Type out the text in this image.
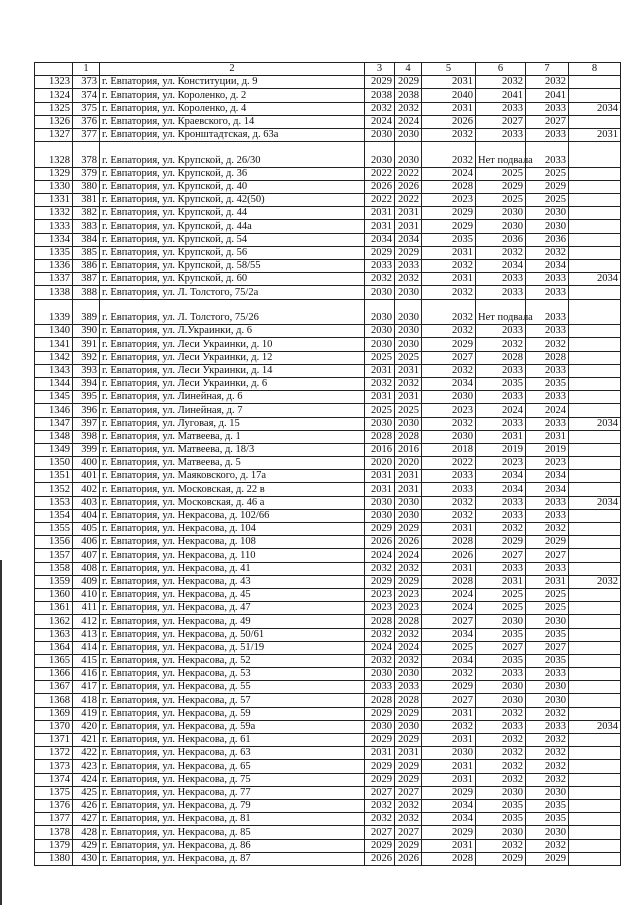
	1	2	3	4	5	6	7	8
1323	373	г. Евпатория, ул. Конституции, д. 9	2029	2029	2031	2032	2032	
1324	374	г. Евпатория, ул. Короленко, д. 2	2038	2038	2040	2041	2041	
1325	375	г. Евпатория, ул. Короленко, д. 4	2032	2032	2031	2033	2033	2034
1326	376	г. Евпатория, ул. Краевского, д. 14	2024	2024	2026	2027	2027	
1327	377	г. Евпатория, ул. Кронштадтская, д. 63а	2030	2030	2032	2033	2033	2031
1328	378	г. Евпатория, ул. Крупской, д. 26/30	2030	2030	2032	Нет подвала	2033	
1329	379	г. Евпатория, ул. Крупской, д. 36	2022	2022	2024	2025	2025	
1330	380	г. Евпатория, ул. Крупской, д. 40	2026	2026	2028	2029	2029	
1331	381	г. Евпатория, ул. Крупской, д. 42(50)	2022	2022	2023	2025	2025	
1332	382	г. Евпатория, ул. Крупской, д. 44	2031	2031	2029	2030	2030	
1333	383	г. Евпатория, ул. Крупской, д. 44а	2031	2031	2029	2030	2030	
1334	384	г. Евпатория, ул. Крупской, д. 54	2034	2034	2035	2036	2036	
1335	385	г. Евпатория, ул. Крупской, д. 56	2029	2029	2031	2032	2032	
1336	386	г. Евпатория, ул. Крупской, д. 58/55	2033	2033	2032	2034	2034	
1337	387	г. Евпатория, ул. Крупской, д. 60	2032	2032	2031	2033	2033	2034
1338	388	г. Евпатория, ул. Л. Толстого, 75/2а	2030	2030	2032	2033	2033	
1339	389	г. Евпатория, ул. Л. Толстого, 75/26	2030	2030	2032	Нет подвала	2033	
1340	390	г. Евпатория, ул. Л.Украинки, д. 6	2030	2030	2032	2033	2033	
1341	391	г. Евпатория, ул. Леси Украинки, д. 10	2030	2030	2029	2032	2032	
1342	392	г. Евпатория, ул. Леси Украинки, д. 12	2025	2025	2027	2028	2028	
1343	393	г. Евпатория, ул. Леси Украинки, д. 14	2031	2031	2032	2033	2033	
1344	394	г. Евпатория, ул. Леси Украинки, д. 6	2032	2032	2034	2035	2035	
1345	395	г. Евпатория, ул. Линейная, д. 6	2031	2031	2030	2033	2033	
1346	396	г. Евпатория, ул. Линейная, д. 7	2025	2025	2023	2024	2024	
1347	397	г. Евпатория, ул. Луговая, д. 15	2030	2030	2032	2033	2033	2034
1348	398	г. Евпатория, ул. Матвеева, д. 1	2028	2028	2030	2031	2031	
1349	399	г. Евпатория, ул. Матвеева, д. 18/3	2016	2016	2018	2019	2019	
1350	400	г. Евпатория, ул. Матвеева, д. 5	2020	2020	2022	2023	2023	
1351	401	г. Евпатория, ул. Маяковского, д. 17а	2031	2031	2033	2034	2034	
1352	402	г. Евпатория, ул. Московская, д. 22 в	2031	2031	2033	2034	2034	
1353	403	г. Евпатория, ул. Московская, д. 46 а	2030	2030	2032	2033	2033	2034
1354	404	г. Евпатория, ул. Некрасова, д. 102/66	2030	2030	2032	2033	2033	
1355	405	г. Евпатория, ул. Некрасова, д. 104	2029	2029	2031	2032	2032	
1356	406	г. Евпатория, ул. Некрасова, д. 108	2026	2026	2028	2029	2029	
1357	407	г. Евпатория, ул. Некрасова, д. 110	2024	2024	2026	2027	2027	
1358	408	г. Евпатория, ул. Некрасова, д. 41	2032	2032	2031	2033	2033	
1359	409	г. Евпатория, ул. Некрасова, д. 43	2029	2029	2028	2031	2031	2032
1360	410	г. Евпатория, ул. Некрасова, д. 45	2023	2023	2024	2025	2025	
1361	411	г. Евпатория, ул. Некрасова, д. 47	2023	2023	2024	2025	2025	
1362	412	г. Евпатория, ул. Некрасова, д. 49	2028	2028	2027	2030	2030	
1363	413	г. Евпатория, ул. Некрасова, д. 50/61	2032	2032	2034	2035	2035	
1364	414	г. Евпатория, ул. Некрасова, д. 51/19	2024	2024	2025	2027	2027	
1365	415	г. Евпатория, ул. Некрасова, д. 52	2032	2032	2034	2035	2035	
1366	416	г. Евпатория, ул. Некрасова, д. 53	2030	2030	2032	2033	2033	
1367	417	г. Евпатория, ул. Некрасова, д. 55	2033	2033	2029	2030	2030	
1368	418	г. Евпатория, ул. Некрасова, д. 57	2028	2028	2027	2030	2030	
1369	419	г. Евпатория, ул. Некрасова, д. 59	2029	2029	2031	2032	2032	
1370	420	г. Евпатория, ул. Некрасова, д. 59а	2030	2030	2032	2033	2033	2034
1371	421	г. Евпатория, ул. Некрасова, д. 61	2029	2029	2031	2032	2032	
1372	422	г. Евпатория, ул. Некрасова, д. 63	2031	2031	2030	2032	2032	
1373	423	г. Евпатория, ул. Некрасова, д. 65	2029	2029	2031	2032	2032	
1374	424	г. Евпатория, ул. Некрасова, д. 75	2029	2029	2031	2032	2032	
1375	425	г. Евпатория, ул. Некрасова, д. 77	2027	2027	2029	2030	2030	
1376	426	г. Евпатория, ул. Некрасова, д. 79	2032	2032	2034	2035	2035	
1377	427	г. Евпатория, ул. Некрасова, д. 81	2032	2032	2034	2035	2035	
1378	428	г. Евпатория, ул. Некрасова, д. 85	2027	2027	2029	2030	2030	
1379	429	г. Евпатория, ул. Некрасова, д. 86	2029	2029	2031	2032	2032	
1380	430	г. Евпатория, ул. Некрасова, д. 87	2026	2026	2028	2029	2029	
